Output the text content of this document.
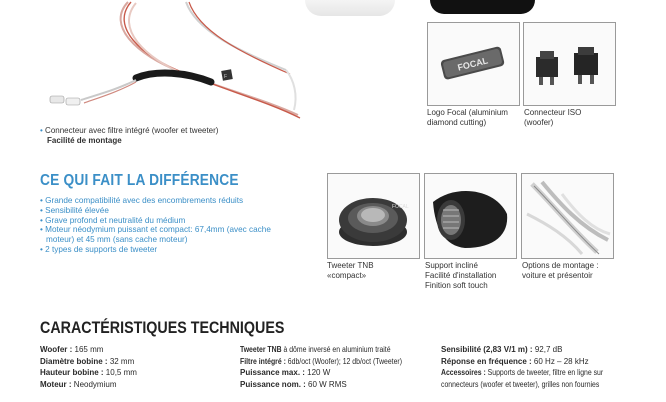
F
• Connecteur avec filtre intégré (woofer et tweeter)
Facilité de montage
FOCAL
Logo Focal (aluminium
diamond cutting)
Connecteur ISO
(woofer)
CE QUI FAIT LA DIFFÉRENCE
• Grande compatibilité avec des encombrements réduits
• Sensibilité élevée
• Grave profond et neutralité du médium
• Moteur néodymium puissant et compact: 67,4mm (avec cache
moteur) et 45 mm (sans cache moteur)
• 2 types de supports de tweeter
FOCAL
Tweeter TNB
«compact»
Support incliné
Facilité d'installation
Finition soft touch
Options de montage :
voiture et présentoir
CARACTÉRISTIQUES TECHNIQUES
Woofer : 165 mm
Diamètre bobine : 32 mm
Hauteur bobine : 10,5 mm
Moteur : Neodymium
Tweeter TNB à dôme inversé en aluminium traité
Filtre intégré : 6db/oct (Woofer); 12 db/oct (Tweeter)
Puissance max. : 120 W
Puissance nom. : 60 W RMS
Sensibilité (2,83 V/1 m) : 92,7 dB
Réponse en fréquence : 60 Hz – 28 kHz
Accessoires : Supports de tweeter, filtre en ligne sur
connecteurs (woofer et tweeter), grilles non fournies
